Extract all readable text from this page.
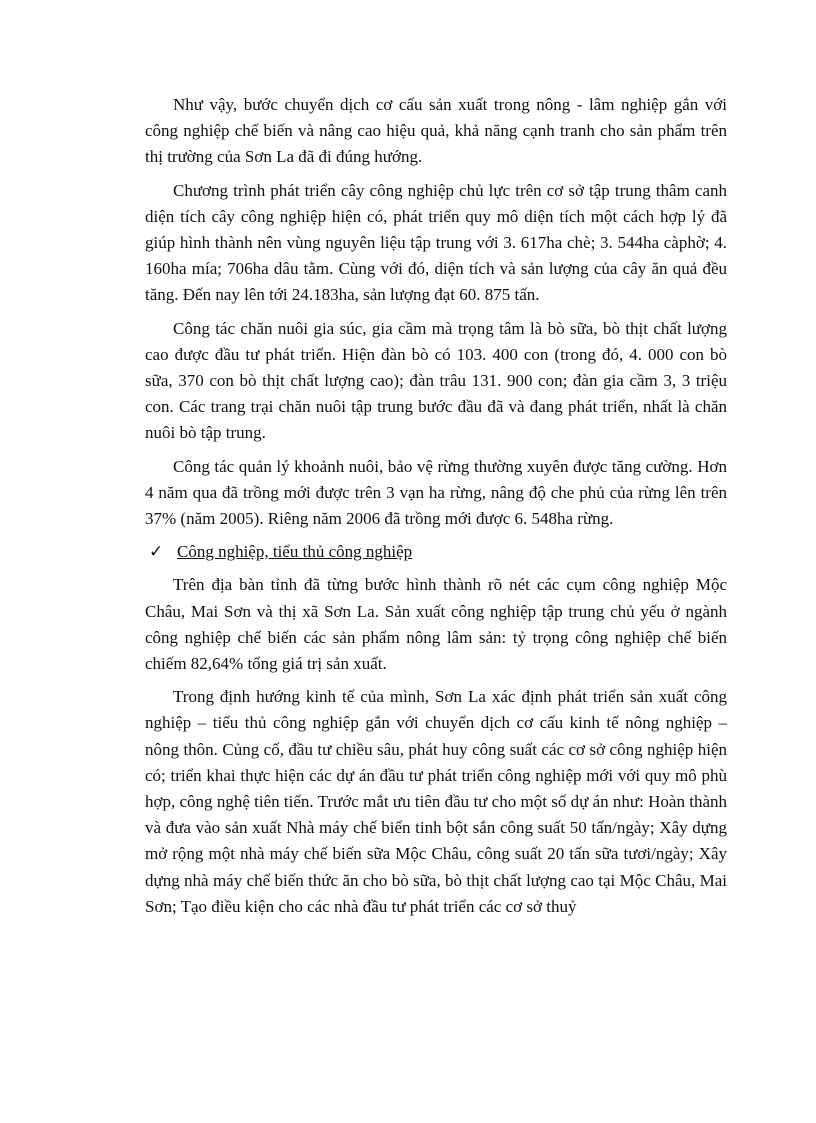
Như vậy, bước chuyển dịch cơ cấu sản xuất trong nông - lâm nghiệp gắn với công nghiệp chế biến và nâng cao hiệu quả, khả năng cạnh tranh cho sản phẩm trên thị trường của Sơn La đã đi đúng hướng.

Chương trình phát triển cây công nghiệp chủ lực trên cơ sở tập trung thâm canh diện tích cây công nghiệp hiện có, phát triển quy mô diện tích một cách hợp lý đã giúp hình thành nên vùng nguyên liệu tập trung với 3. 617ha chè; 3. 544ha càphờ; 4. 160ha mía; 706ha dâu tằm. Cùng với đó, diện tích và sản lượng của cây ăn quả đều tăng. Đến nay lên tới 24.183ha, sản lượng đạt 60. 875 tấn.

Công tác chăn nuôi gia súc, gia cầm mà trọng tâm là bò sữa, bò thịt chất lượng cao được đầu tư phát triển. Hiện đàn bò có 103. 400 con (trong đó, 4. 000 con bò sữa, 370 con bò thịt chất lượng cao); đàn trâu 131. 900 con; đàn gia cầm 3, 3 triệu con. Các trang trại chăn nuôi tập trung bước đầu đã và đang phát triển, nhất là chăn nuôi bò tập trung.

Công tác quản lý khoảnh nuôi, bảo vệ rừng thường xuyên được tăng cường. Hơn 4 năm qua đã trồng mới được trên 3 vạn ha rừng, nâng độ che phủ của rừng lên trên 37% (năm 2005). Riêng năm 2006 đã trồng mới được 6. 548ha rừng.

✓ Công nghiệp, tiểu thủ công nghiệp

Trên địa bàn tỉnh đã từng bước hình thành rõ nét các cụm công nghiệp Mộc Châu, Mai Sơn và thị xã Sơn La. Sản xuất công nghiệp tập trung chủ yếu ở ngành công nghiệp chế biến các sản phẩm nông lâm sản: tỷ trọng công nghiệp chế biến chiếm 82,64% tổng giá trị sản xuất.

Trong định hướng kinh tế của mình, Sơn La xác định phát triển sản xuất công nghiệp – tiểu thủ công nghiệp gắn với chuyển dịch cơ cấu kinh tế nông nghiệp – nông thôn. Củng cố, đầu tư chiều sâu, phát huy công suất các cơ sở công nghiệp hiện có; triển khai thực hiện các dự án đầu tư phát triển công nghiệp mới với quy mô phù hợp, công nghệ tiên tiến. Trước mắt ưu tiên đầu tư cho một số dự án như: Hoàn thành và đưa vào sản xuất Nhà máy chế biến tinh bột sắn công suất 50 tấn/ngày; Xây dựng mở rộng một nhà máy chế biến sữa Mộc Châu, công suất 20 tấn sữa tươi/ngày; Xây dựng nhà máy chế biến thức ăn cho bò sữa, bò thịt chất lượng cao tại Mộc Châu, Mai Sơn; Tạo điều kiện cho các nhà đầu tư phát triển các cơ sở thuỷ
